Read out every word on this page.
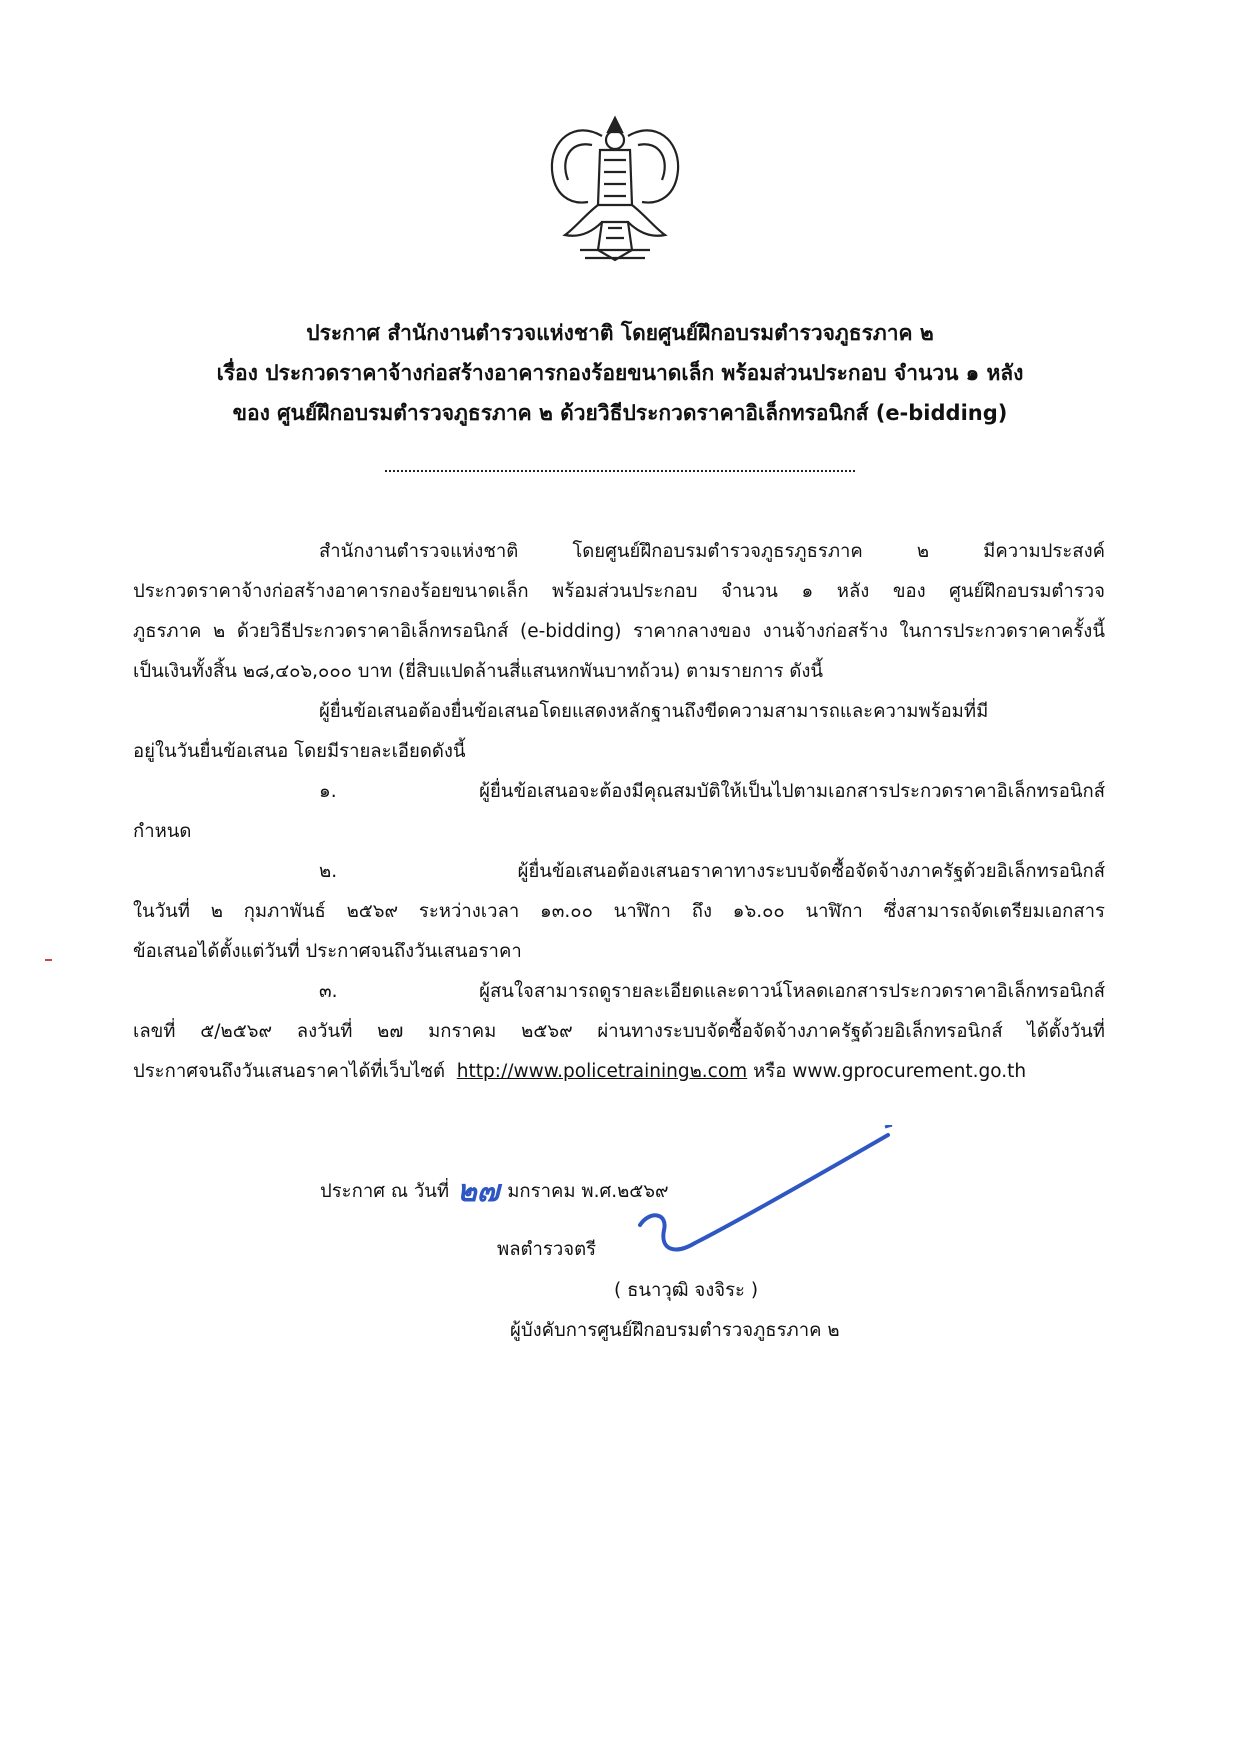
ประกาศ สำนักงานตำรวจแห่งชาติ โดยศูนย์ฝึกอบรมตำรวจภูธรภาค ๒
เรื่อง ประกวดราคาจ้างก่อสร้างอาคารกองร้อยขนาดเล็ก พร้อมส่วนประกอบ จำนวน ๑ หลัง
ของ ศูนย์ฝึกอบรมตำรวจภูธรภาค ๒ ด้วยวิธีประกวดราคาอิเล็กทรอนิกส์ (e-bidding)
สำนักงานตำรวจแห่งชาติ โดยศูนย์ฝึกอบรมตำรวจภูธรภูธรภาค ๒ มีความประสงค์
ประกวดราคาจ้างก่อสร้างอาคารกองร้อยขนาดเล็ก พร้อมส่วนประกอบ จำนวน ๑ หลัง ของ ศูนย์ฝึกอบรมตำรวจ
ภูธรภาค ๒ ด้วยวิธีประกวดราคาอิเล็กทรอนิกส์ (e-bidding) ราคากลางของ งานจ้างก่อสร้าง ในการประกวดราคาครั้งนี้
เป็นเงินทั้งสิ้น ๒๘,๔๐๖,๐๐๐ บาท (ยี่สิบแปดล้านสี่แสนหกพันบาทถ้วน) ตามรายการ ดังนี้
ผู้ยื่นข้อเสนอต้องยื่นข้อเสนอโดยแสดงหลักฐานถึงขีดความสามารถและความพร้อมที่มี
อยู่ในวันยื่นข้อเสนอ โดยมีรายละเอียดดังนี้
๑. ผู้ยื่นข้อเสนอจะต้องมีคุณสมบัติให้เป็นไปตามเอกสารประกวดราคาอิเล็กทรอนิกส์
กำหนด
๒. ผู้ยื่นข้อเสนอต้องเสนอราคาทางระบบจัดซื้อจัดจ้างภาครัฐด้วยอิเล็กทรอนิกส์
ในวันที่ ๒ กุมภาพันธ์ ๒๕๖๙ ระหว่างเวลา ๑๓.๐๐ นาฬิกา ถึง ๑๖.๐๐ นาฬิกา ซึ่งสามารถจัดเตรียมเอกสาร
ข้อเสนอได้ตั้งแต่วันที่ ประกาศจนถึงวันเสนอราคา
๓. ผู้สนใจสามารถดูรายละเอียดและดาวน์โหลดเอกสารประกวดราคาอิเล็กทรอนิกส์
เลขที่ ๕/๒๕๖๙ ลงวันที่ ๒๗ มกราคม ๒๕๖๙ ผ่านทางระบบจัดซื้อจัดจ้างภาครัฐด้วยอิเล็กทรอนิกส์ ได้ตั้งวันที่
ประกาศจนถึงวันเสนอราคาได้ที่เว็บไซต์ http://www.policetraining๒.com หรือ www.gprocurement.go.th
ประกาศ ณ วันที่ ๒๗ มกราคม พ.ศ.๒๕๖๙
พลตำรวจตรี
( ธนาวุฒิ จงจิระ )
ผู้บังคับการศูนย์ฝึกอบรมตำรวจภูธรภาค ๒
